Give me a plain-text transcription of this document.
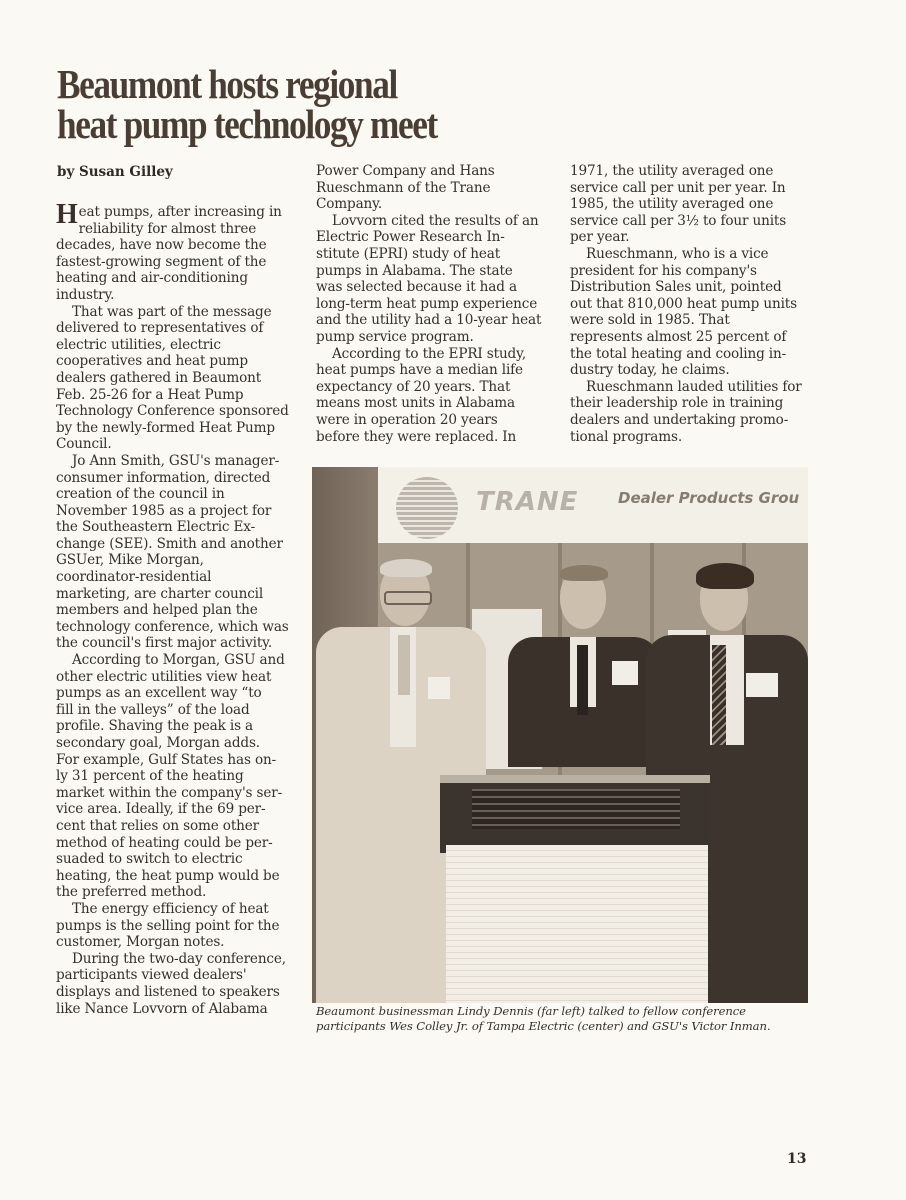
Beaumont hosts regional
heat pump technology meet
by Susan Gilley

H eat pumps, after increasing in
reliability for almost three
decades, have now become the
fastest-growing segment of the
heating and air-conditioning
industry.

That was part of the message
delivered to representatives of
electric utilities, electric
cooperatives and heat pump
dealers gathered in Beaumont
Feb. 25-26 for a Heat Pump
Technology Conference sponsored
by the newly-formed Heat Pump
Council.

Jo Ann Smith, GSU's manager-
consumer information, directed
creation of the council in
November 1985 as a project for
the Southeastern Electric Ex-
change (SEE). Smith and another
GSUer, Mike Morgan,
coordinator-residential
marketing, are charter council
members and helped plan the
technology conference, which was
the council's first major activity.

According to Morgan, GSU and
other electric utilities view heat
pumps as an excellent way “to
fill in the valleys” of the load
profile. Shaving the peak is a
secondary goal, Morgan adds.
For example, Gulf States has on-
ly 31 percent of the heating
market within the company's ser-
vice area. Ideally, if the 69 per-
cent that relies on some other
method of heating could be per-
suaded to switch to electric
heating, the heat pump would be
the preferred method.

The energy efficiency of heat
pumps is the selling point for the
customer, Morgan notes.

During the two-day conference,
participants viewed dealers'
displays and listened to speakers
like Nance Lovvorn of Alabama

Power Company and Hans
Rueschmann of the Trane
Company.

Lovvorn cited the results of an
Electric Power Research In-
stitute (EPRI) study of heat
pumps in Alabama. The state
was selected because it had a
long-term heat pump experience
and the utility had a 10-year heat
pump service program.

According to the EPRI study,
heat pumps have a median life
expectancy of 20 years. That
means most units in Alabama
were in operation 20 years
before they were replaced. In

1971, the utility averaged one
service call per unit per year. In
1985, the utility averaged one
service call per 3½ to four units
per year.

Rueschmann, who is a vice
president for his company's
Distribution Sales unit, pointed
out that 810,000 heat pump units
were sold in 1985. That
represents almost 25 percent of
the total heating and cooling in-
dustry today, he claims.

Rueschmann lauded utilities for
their leadership role in training
dealers and undertaking promo-
tional programs.

TRANE	Dealer Products Grou
Beaumont businessman Lindy Dennis (far left) talked to fellow conference
participants Wes Colley Jr. of Tampa Electric (center) and GSU's Victor Inman.
13
